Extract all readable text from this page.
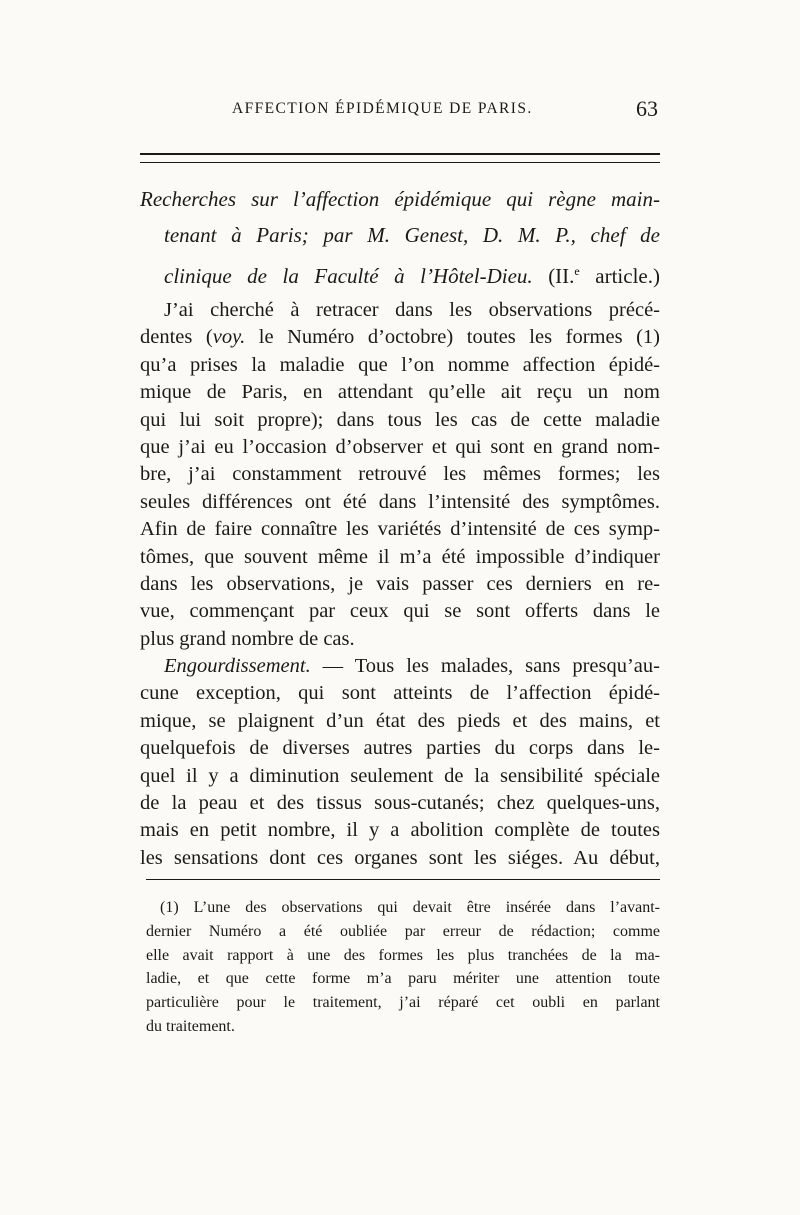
AFFECTION ÉPIDÉMIQUE DE PARIS.	63
Recherches sur l’affection épidémique qui règne main-
tenant à Paris; par M. Genest, D. M. P., chef de
clinique de la Faculté à l’Hôtel-Dieu. (II.$^e$ article.)
J’ai cherché à retracer dans les observations précé-
dentes (voy. le Numéro d’octobre) toutes les formes (1)
qu’a prises la maladie que l’on nomme affection épidé-
mique de Paris, en attendant qu’elle ait reçu un nom
qui lui soit propre); dans tous les cas de cette maladie
que j’ai eu l’occasion d’observer et qui sont en grand nom-
bre, j’ai constamment retrouvé les mêmes formes; les
seules différences ont été dans l’intensité des symptômes.
Afin de faire connaître les variétés d’intensité de ces symp-
tômes, que souvent même il m’a été impossible d’indiquer
dans les observations, je vais passer ces derniers en re-
vue, commençant par ceux qui se sont offerts dans le
plus grand nombre de cas.
Engourdissement. — Tous les malades, sans presqu’au-
cune exception, qui sont atteints de l’affection épidé-
mique, se plaignent d’un état des pieds et des mains, et
quelquefois de diverses autres parties du corps dans le-
quel il y a diminution seulement de la sensibilité spéciale
de la peau et des tissus sous-cutanés; chez quelques-uns,
mais en petit nombre, il y a abolition complète de toutes
les sensations dont ces organes sont les siéges. Au début,
(1) L’une des observations qui devait être insérée dans l’avant-
dernier Numéro a été oubliée par erreur de rédaction; comme
elle avait rapport à une des formes les plus tranchées de la ma-
ladie, et que cette forme m’a paru mériter une attention toute
particulière pour le traitement, j’ai réparé cet oubli en parlant
du traitement.
